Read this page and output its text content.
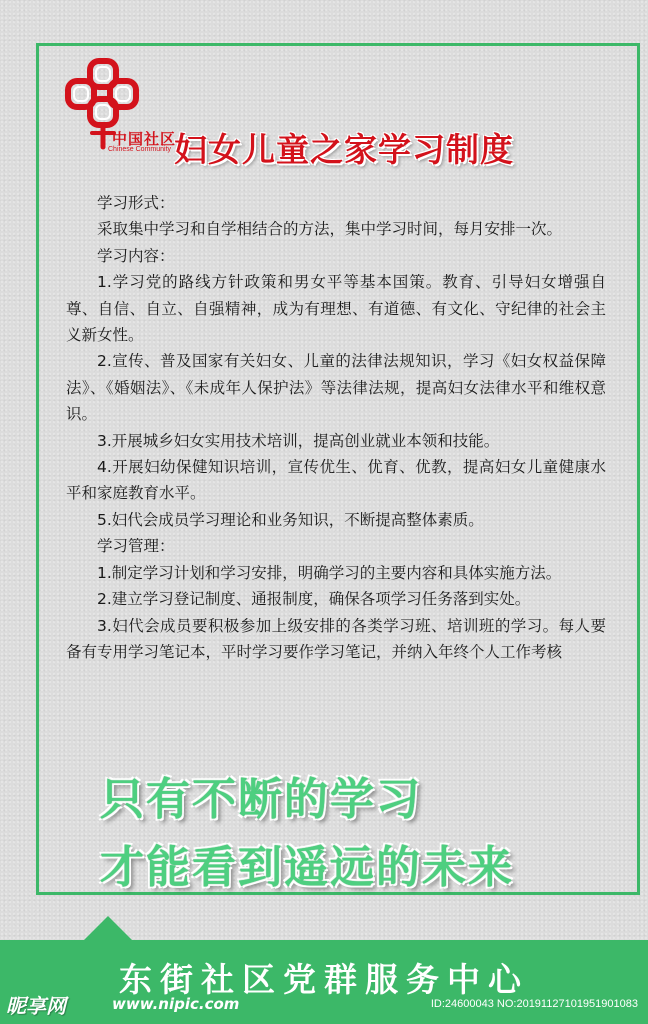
中国社区
Chinese Community 妇女儿童之家学习制度

学习形式：

采取集中学习和自学相结合的方法，集中学习时间，每月安排一次。

学习内容：

1.学习党的路线方针政策和男女平等基本国策。教育、引导妇女增强自尊、自信、自立、自强精神，成为有理想、有道德、有文化、守纪律的社会主义新女性。

2.宣传、普及国家有关妇女、儿童的法律法规知识，学习《妇女权益保障法》、《婚姻法》、《未成年人保护法》等法律法规，提高妇女法律水平和维权意识。

3.开展城乡妇女实用技术培训，提高创业就业本领和技能。

4.开展妇幼保健知识培训，宣传优生、优育、优教，提高妇女儿童健康水平和家庭教育水平。

5.妇代会成员学习理论和业务知识，不断提高整体素质。

学习管理：

1.制定学习计划和学习安排，明确学习的主要内容和具体实施方法。

2.建立学习登记制度、通报制度，确保各项学习任务落到实处。

3.妇代会成员要积极参加上级安排的各类学习班、培训班的学习。每人要备有专用学习笔记本，平时学习要作学习笔记，并纳入年终个人工作考核

只有不断的学习
才能看到遥远的未来
东街社区党群服务中心
昵享网	www.nipic.com	ID:24600043 NO:20191127101951901083
